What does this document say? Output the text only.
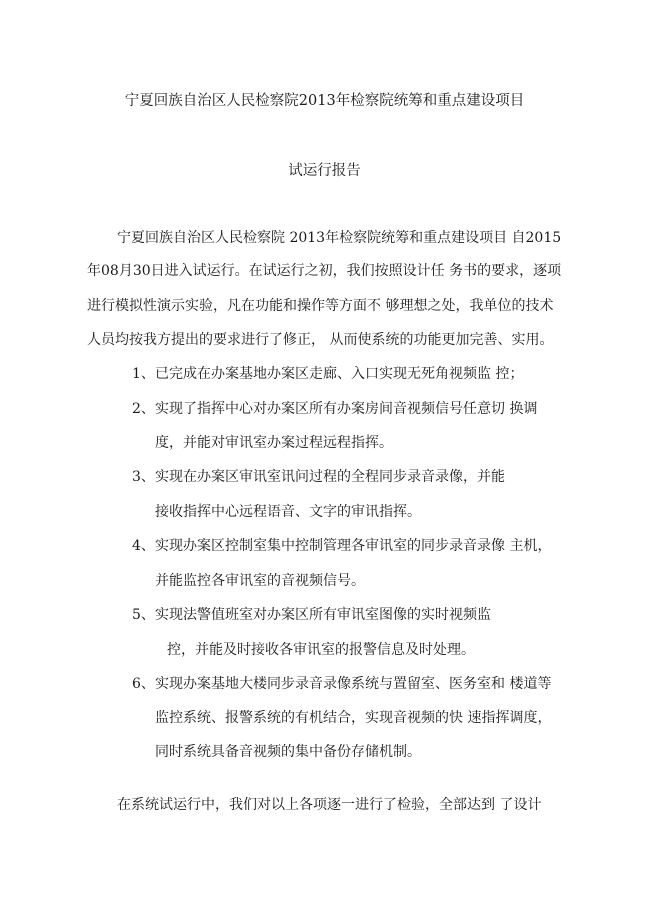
宁夏回族自治区人民检察院2013年检察院统筹和重点建设项目
试运行报告
宁夏回族自治区人民检察院 2013年检察院统筹和重点建设项目 自2015
年08月30日进入试运行。在试运行之初，我们按照设计任 务书的要求，逐项
进行模拟性演示实验，凡在功能和操作等方面不 够理想之处，我单位的技术
人员均按我方提出的要求进行了修正， 从而使系统的功能更加完善、实用。
1、 已完成在办案基地办案区走廊、入口实现无死角视频监 控；
2、 实现了指挥中心对办案区所有办案房间音视频信号任意切 换调
度，并能对审讯室办案过程远程指挥。
3、 实现在办案区审讯室讯问过程的全程同步录音录像，并能
接收指挥中心远程语音、文字的审讯指挥。
4、 实现办案区控制室集中控制管理各审讯室的同步录音录像 主机，
并能监控各审讯室的音视频信号。
5、 实现法警值班室对办案区所有审讯室图像的实时视频监
控，并能及时接收各审讯室的报警信息及时处理。
6、 实现办案基地大楼同步录音录像系统与置留室、医务室和 楼道等
监控系统、报警系统的有机结合，实现音视频的快 速指挥调度，
同时系统具备音视频的集中备份存储机制。
在系统试运行中，我们对以上各项逐一进行了检验，全部达到 了设计
